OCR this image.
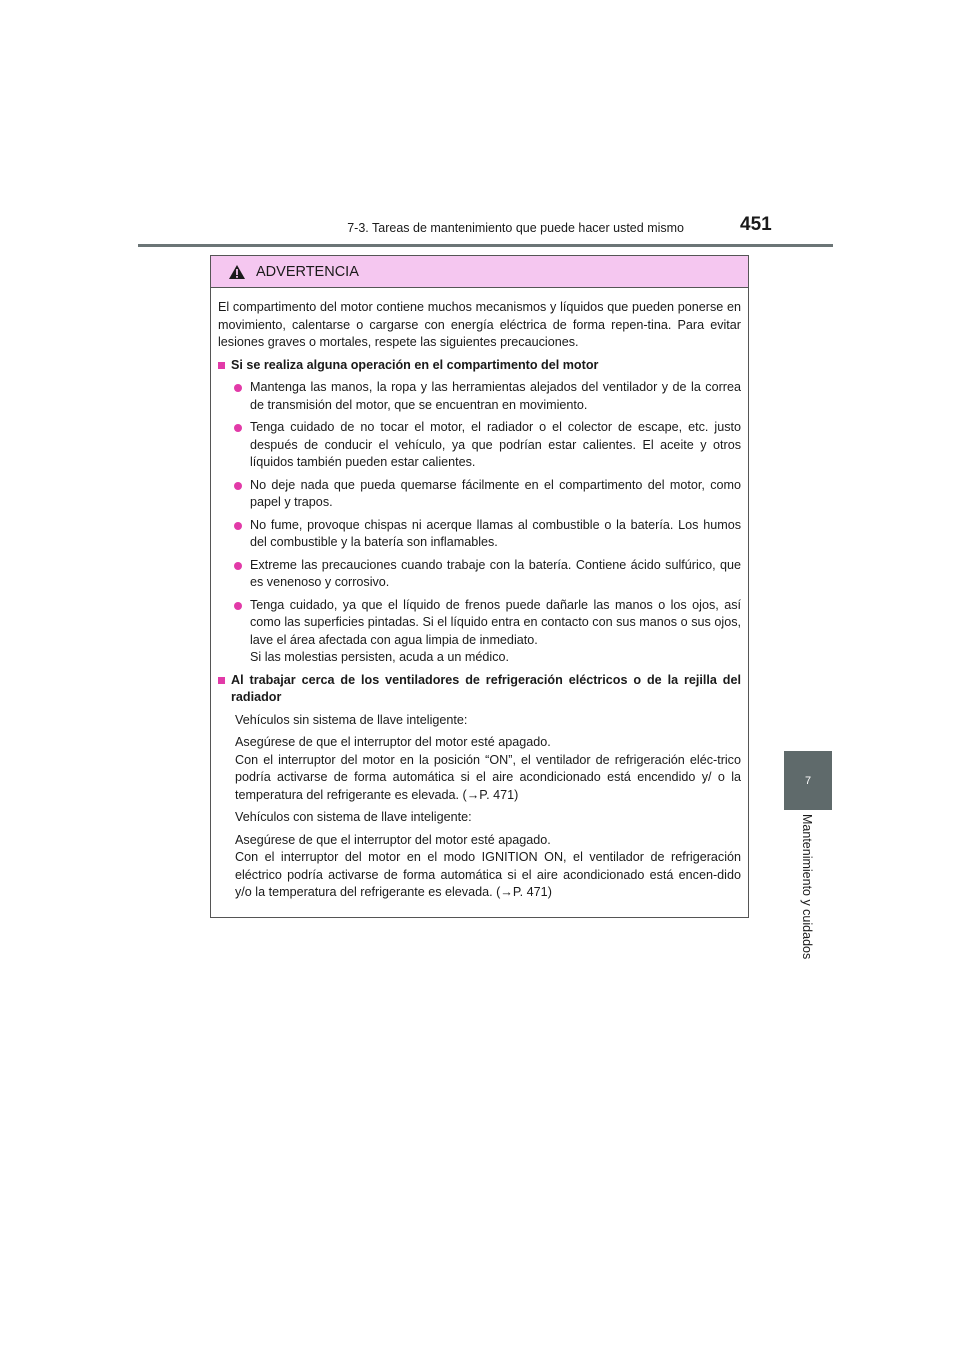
7-3. Tareas de mantenimiento que puede hacer usted mismo	451
7
Mantenimiento y cuidados
ADVERTENCIA

El compartimento del motor contiene muchos mecanismos y líquidos que pueden ponerse en movimiento, calentarse o cargarse con energía eléctrica de forma repen-tina. Para evitar lesiones graves o mortales, respete las siguientes precauciones.

Si se realiza alguna operación en el compartimento del motor
Mantenga las manos, la ropa y las herramientas alejados del ventilador y de la correa de transmisión del motor, que se encuentran en movimiento.
Tenga cuidado de no tocar el motor, el radiador o el colector de escape, etc. justo después de conducir el vehículo, ya que podrían estar calientes. El aceite y otros líquidos también pueden estar calientes.
No deje nada que pueda quemarse fácilmente en el compartimento del motor, como papel y trapos.
No fume, provoque chispas ni acerque llamas al combustible o la batería. Los humos del combustible y la batería son inflamables.
Extreme las precauciones cuando trabaje con la batería. Contiene ácido sulfúrico, que es venenoso y corrosivo.
Tenga cuidado, ya que el líquido de frenos puede dañarle las manos o los ojos, así como las superficies pintadas. Si el líquido entra en contacto con sus manos o sus ojos, lave el área afectada con agua limpia de inmediato.
Si las molestias persisten, acuda a un médico.
Al trabajar cerca de los ventiladores de refrigeración eléctricos o de la rejilla del radiador

Vehículos sin sistema de llave inteligente:

Asegúrese de que el interruptor del motor esté apagado.
Con el interruptor del motor en la posición “ON”, el ventilador de refrigeración eléc-trico podría activarse de forma automática si el aire acondicionado está encendido y/ o la temperatura del refrigerante es elevada. (→P. 471)

Vehículos con sistema de llave inteligente:

Asegúrese de que el interruptor del motor esté apagado.
Con el interruptor del motor en el modo IGNITION ON, el ventilador de refrigeración eléctrico podría activarse de forma automática si el aire acondicionado está encen-dido y/o la temperatura del refrigerante es elevada. (→P. 471)
